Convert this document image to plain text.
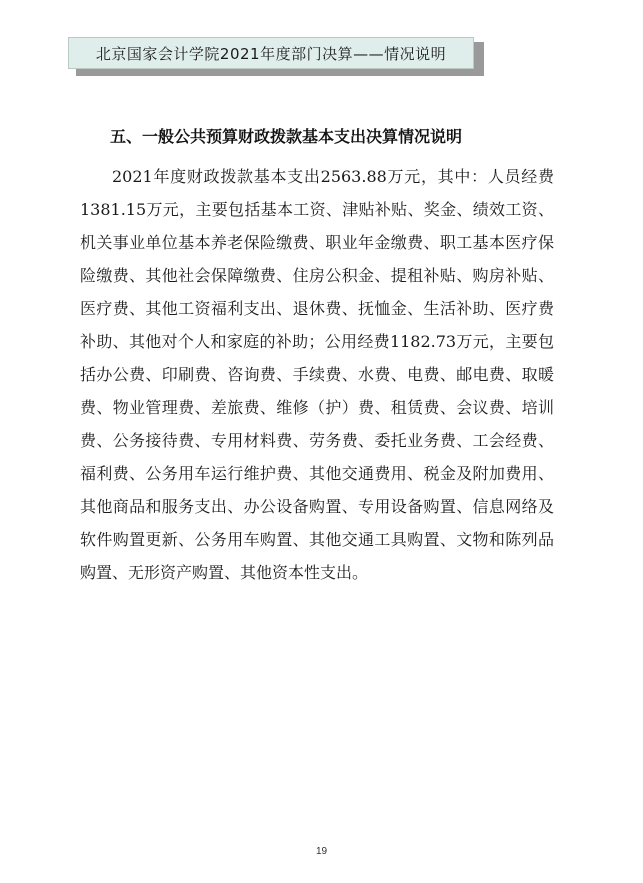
北京国家会计学院2021年度部门决算——情况说明
五、一般公共预算财政拨款基本支出决算情况说明

2021年度财政拨款基本支出2563.88万元，其中：人员经费1381.15万元，主要包括基本工资、津贴补贴、奖金、绩效工资、机关事业单位基本养老保险缴费、职业年金缴费、职工基本医疗保险缴费、其他社会保障缴费、住房公积金、提租补贴、购房补贴、医疗费、其他工资福利支出、退休费、抚恤金、生活补助、医疗费补助、其他对个人和家庭的补助；公用经费1182.73万元，主要包括办公费、印刷费、咨询费、手续费、水费、电费、邮电费、取暖费、物业管理费、差旅费、维修（护）费、租赁费、会议费、培训费、公务接待费、专用材料费、劳务费、委托业务费、工会经费、福利费、公务用车运行维护费、其他交通费用、税金及附加费用、其他商品和服务支出、办公设备购置、专用设备购置、信息网络及软件购置更新、公务用车购置、其他交通工具购置、文物和陈列品购置、无形资产购置、其他资本性支出。

19
